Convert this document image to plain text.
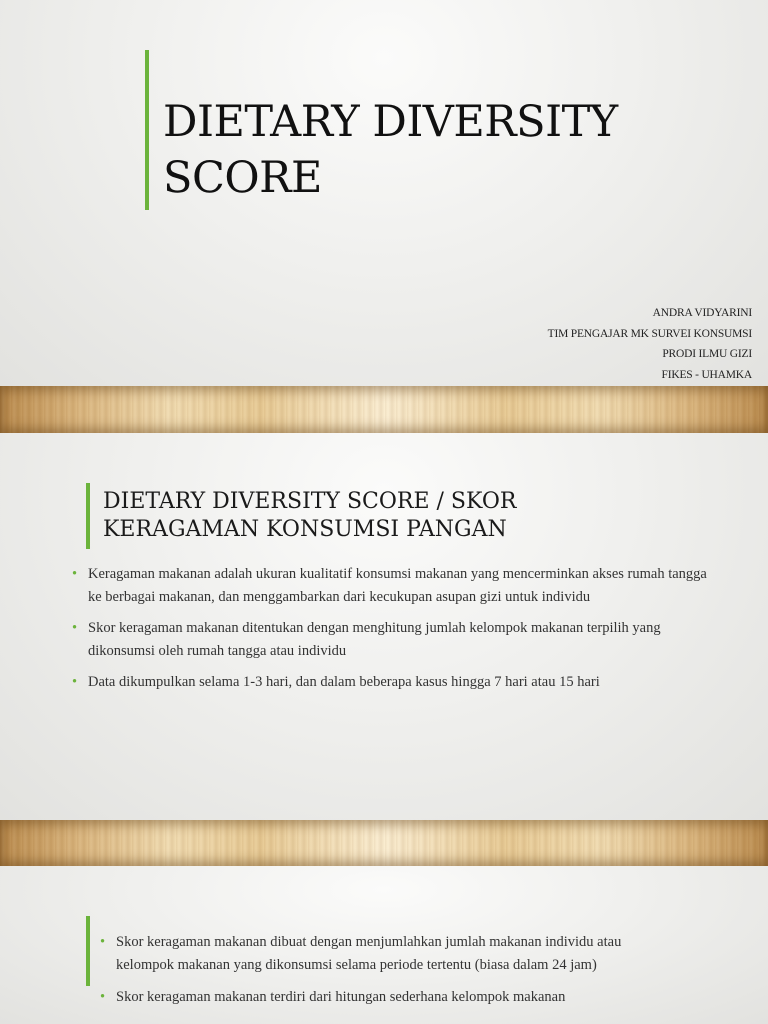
DIETARY DIVERSITY
SCORE

ANDRA VIDYARINI

TIM PENGAJAR MK SURVEI KONSUMSI

PRODI ILMU GIZI

FIKES - UHAMKA

DIETARY DIVERSITY SCORE / SKOR
KERAGAMAN KONSUMSI PANGAN
• Keragaman makanan adalah ukuran kualitatif konsumsi makanan yang mencerminkan akses rumah tangga ke berbagai makanan, dan menggambarkan dari kecukupan asupan gizi untuk individu
• Skor keragaman makanan ditentukan dengan menghitung jumlah kelompok makanan terpilih yang dikonsumsi oleh rumah tangga atau individu
• Data dikumpulkan selama 1-3 hari, dan dalam beberapa kasus hingga 7 hari atau 15 hari
• Skor keragaman makanan dibuat dengan menjumlahkan jumlah makanan individu atau kelompok makanan yang dikonsumsi selama periode tertentu (biasa dalam 24 jam)
• Skor keragaman makanan terdiri dari hitungan sederhana kelompok makanan
